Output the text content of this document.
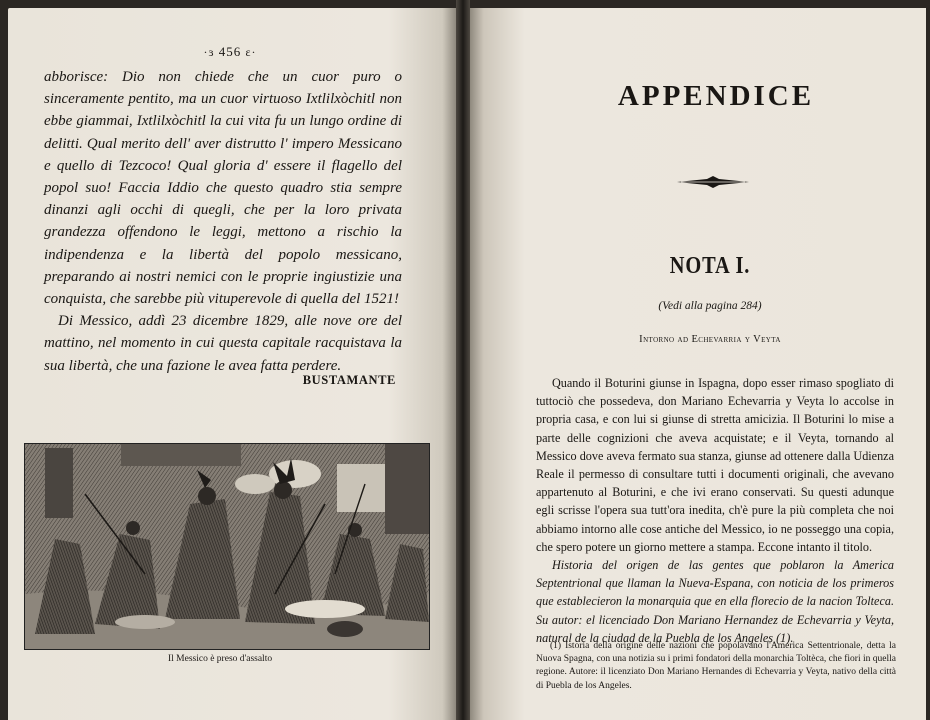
·ɜ 456 ɛ·

abborisce: Dio non chiede che un cuor puro o sinceramente pentito, ma un cuor virtuoso Ixtlilxòchitl non ebbe giammai, Ixtlilxòchitl la cui vita fu un lungo ordine di delitti. Qual merito dell' aver distrutto l' impero Messicano e quello di Tezcoco! Qual gloria d' essere il flagello del popol suo! Faccia Iddio che questo quadro stia sempre dinanzi agli occhi di quegli, che per la loro privata grandezza offendono le leggi, mettono a rischio la indipendenza e la libertà del popolo messicano, preparando ai nostri nemici con le proprie ingiustizie una conquista, che sarebbe più vituperevole di quella del 1521!

Di Messico, addì 23 dicembre 1829, alle nove ore del mattino, nel momento in cui questa capitale racquistava la sua libertà, che una fazione le avea fatta perdere.

BUSTAMANTE
Il Messico è preso d'assalto
APPENDICE
NOTA I.
(Vedi alla pagina 284)
Intorno ad Echevarria y Veyta

Quando il Boturini giunse in Ispagna, dopo esser rimaso spogliato di tuttociò che possedeva, don Mariano Echevarria y Veyta lo accolse in propria casa, e con lui si giunse di stretta amicizia. Il Boturini lo mise a parte delle cognizioni che aveva acquistate; e il Veyta, tornando al Messico dove aveva fermato sua stanza, giunse ad ottenere dalla Udienza Reale il permesso di consultare tutti i documenti originali, che avevano appartenuto al Boturini, e che ivi erano conservati. Su questi adunque egli scrisse l'opera sua tutt'ora inedita, ch'è pure la più completa che noi abbiamo intorno alle cose antiche del Messico, io ne posseggo una copia, che spero potere un giorno mettere a stampa. Eccone intanto il titolo.

Historia del origen de las gentes que poblaron la America Septentrional que llaman la Nueva-Espana, con noticia de los primeros que establecieron la monarquia que en ella florecio de la nacion Tolteca. Su autor: el licenciado Don Mariano Hernandez de Echevarria y Veyta, natural de la ciudad de la Puebla de los Angeles (1).

(1) Istoria della origine delle nazioni che popolavano l'America Settentrionale, detta la Nuova Spagna, con una notizia su i primi fondatori della monarchia Toltèca, che fiori in quella regione. Autore: il licenziato Don Mariano Hernandes di Echevarria y Veyta, nativo della città di Puebla de los Angeles.
